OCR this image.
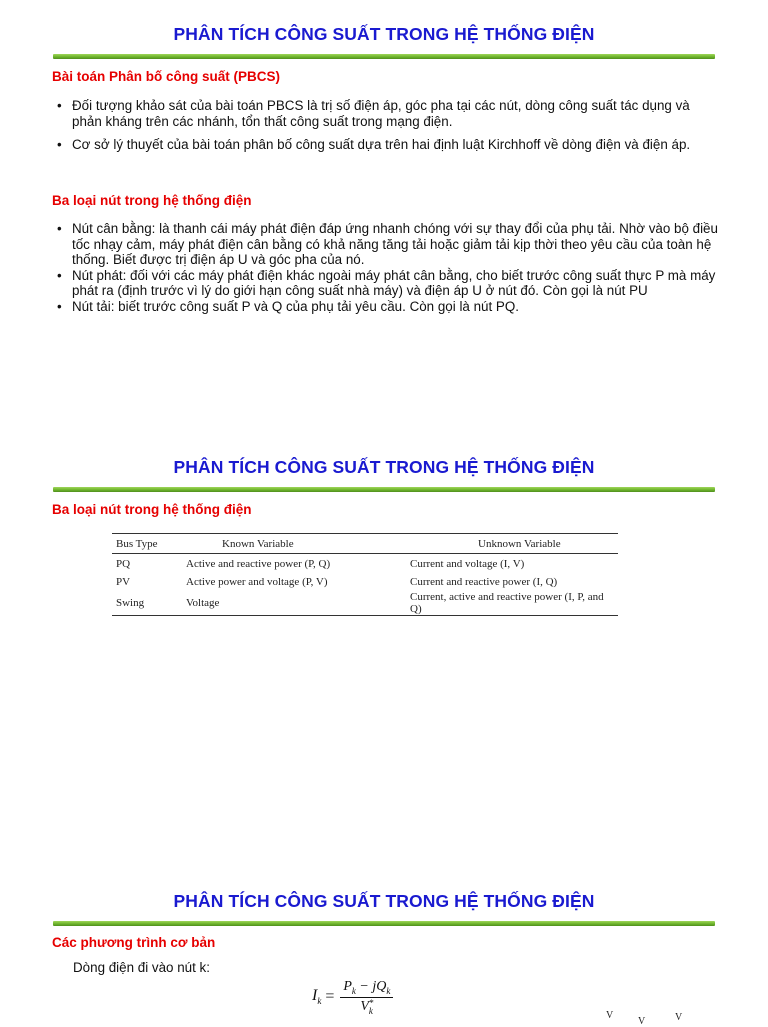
PHÂN TÍCH CÔNG SUẤT TRONG HỆ THỐNG ĐIỆN
Bài toán Phân bố công suất (PBCS)
• Đối tượng khảo sát của bài toán PBCS là trị số điện áp, góc pha tại các nút, dòng công suất tác dụng và phản kháng trên các nhánh, tổn thất công suất trong mạng điện.
• Cơ sở lý thuyết của bài toán phân bố công suất dựa trên hai định luật Kirchhoff về dòng điện và điện áp.
Ba loại nút trong hệ thống điện
• Nút cân bằng: là thanh cái máy phát điện đáp ứng nhanh chóng với sự thay đổi của phụ tải. Nhờ vào bộ điều tốc nhạy cảm, máy phát điện cân bằng có khả năng tăng tải hoặc giảm tải kịp thời theo yêu cầu của toàn hệ thống. Biết được trị điện áp U và góc pha của nó.
• Nút phát: đối với các máy phát điện khác ngoài máy phát cân bằng, cho biết trước công suất thực P mà máy phát ra (định trước vì lý do giới hạn công suất nhà máy) và điện áp U ở nút đó. Còn gọi là nút PU
• Nút tải: biết trước công suất P và Q của phụ tải yêu cầu. Còn gọi là nút PQ.
PHÂN TÍCH CÔNG SUẤT TRONG HỆ THỐNG ĐIỆN
Ba loại nút trong hệ thống điện
Bus Type	Known Variable	Unknown Variable
PQ	Active and reactive power (P, Q)	Current and voltage (I, V)
PV	Active power and voltage (P, V)	Current and reactive power (I, Q)
Swing	Voltage	Current, active and reactive power (I, P, and Q)
PHÂN TÍCH CÔNG SUẤT TRONG HỆ THỐNG ĐIỆN
Các phương trình cơ bản
Dòng điện đi vào nút k:
$I_k = P_k - jQ_k$
V *
k
V
V	V
